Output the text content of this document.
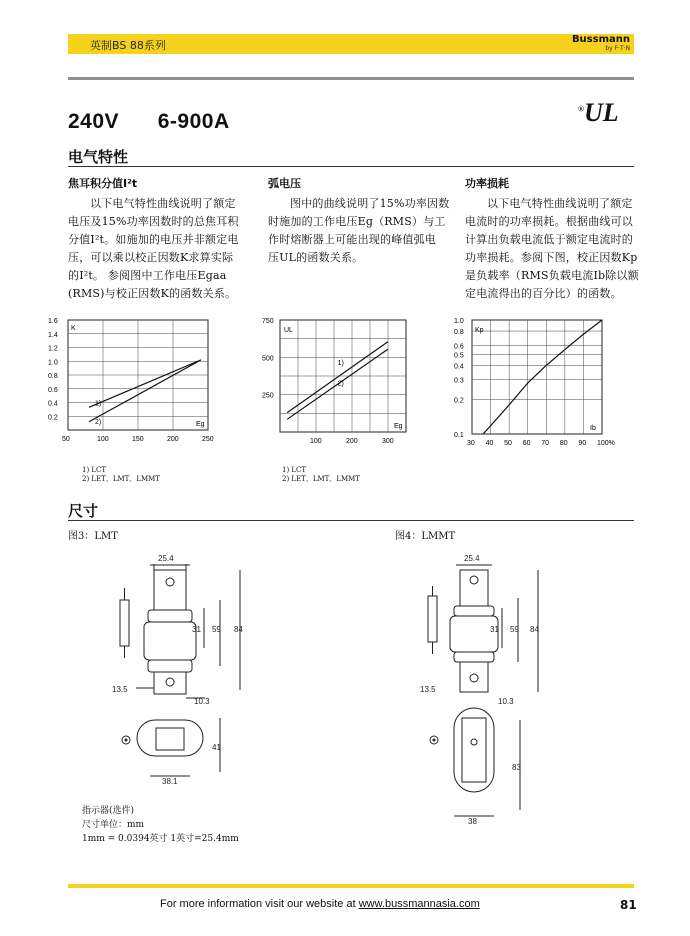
英制BS 88系列	Bussmann
by F·T·N
240V 6-900A
®UL
电气特性
焦耳积分值I²t
以下电气特性曲线说明了额定
电压及15%功率因数时的总焦耳积
分值I²t。如施加的电压并非额定电
压，可以乘以校正因数K求算实际
的I²t。 参阅图中工作电压Egaa
(RMS)与校正因数K的函数关系。
弧电压
图中的曲线说明了15%功率因数
时施加的工作电压Eg（RMS）与工
作时熔断器上可能出现的峰值弧电
压UL的函数关系。
功率损耗
以下电气特性曲线说明了额定
电流时的功率损耗。根据曲线可以
计算出负载电流低于额定电流时的
功率损耗。参阅下图，校正因数Kp
是负载率（RMS负载电流Ib除以额
定电流得出的百分比）的函数。
50	100	150	200	250
0.2
0.4
0.6
0.8
1.0
1.2
1.4
1.6
K
Eg
1)
2)
100	200	300
250
500
750
UL
Eg
1)
2)
30 40 50 60 70 80 90 100%
0.1
0.2
0.3
0.4
0.5
0.6
0.8
1.0
Kp
Ib
1) LCT
2) LET、LMT、LMMT
1) LCT
2) LET、LMT、LMMT
尺寸
图3：LMT	图4：LMMT
25.4
31 59 84
13.5
10.3
41
38.1
25.4
31 59 84
13.5
10.3
83
38
指示器(选件)
尺寸单位：mm
1mm = 0.0394英寸 1英寸=25.4mm
For more information visit our website at www.bussmannasia.com	81
